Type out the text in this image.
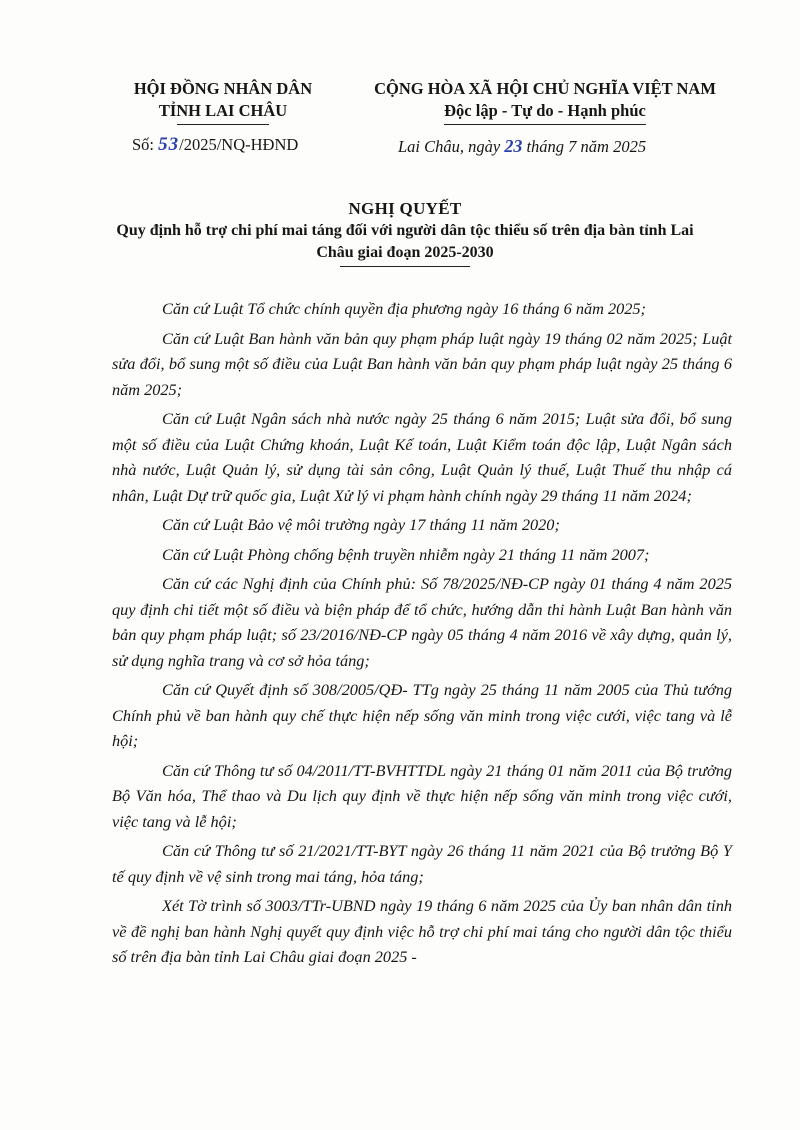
HỘI ĐỒNG NHÂN DÂN
TỈNH LAI CHÂU
CỘNG HÒA XÃ HỘI CHỦ NGHĨA VIỆT NAM
Độc lập - Tự do - Hạnh phúc
Số: 53/2025/NQ-HĐND	Lai Châu, ngày 23 tháng 7 năm 2025
NGHỊ QUYẾT
Quy định hỗ trợ chi phí mai táng đối với người dân tộc thiểu số trên địa bàn tỉnh Lai Châu giai đoạn 2025-2030

Căn cứ Luật Tổ chức chính quyền địa phương ngày 16 tháng 6 năm 2025;

Căn cứ Luật Ban hành văn bản quy phạm pháp luật ngày 19 tháng 02 năm 2025; Luật sửa đổi, bổ sung một số điều của Luật Ban hành văn bản quy phạm pháp luật ngày 25 tháng 6 năm 2025;

Căn cứ Luật Ngân sách nhà nước ngày 25 tháng 6 năm 2015; Luật sửa đổi, bổ sung một số điều của Luật Chứng khoán, Luật Kế toán, Luật Kiểm toán độc lập, Luật Ngân sách nhà nước, Luật Quản lý, sử dụng tài sản công, Luật Quản lý thuế, Luật Thuế thu nhập cá nhân, Luật Dự trữ quốc gia, Luật Xử lý vi phạm hành chính ngày 29 tháng 11 năm 2024;

Căn cứ Luật Bảo vệ môi trường ngày 17 tháng 11 năm 2020;

Căn cứ Luật Phòng chống bệnh truyền nhiễm ngày 21 tháng 11 năm 2007;

Căn cứ các Nghị định của Chính phủ: Số 78/2025/NĐ-CP ngày 01 tháng 4 năm 2025 quy định chi tiết một số điều và biện pháp để tổ chức, hướng dẫn thi hành Luật Ban hành văn bản quy phạm pháp luật; số 23/2016/NĐ-CP ngày 05 tháng 4 năm 2016 về xây dựng, quản lý, sử dụng nghĩa trang và cơ sở hỏa táng;

Căn cứ Quyết định số 308/2005/QĐ- TTg ngày 25 tháng 11 năm 2005 của Thủ tướng Chính phủ về ban hành quy chế thực hiện nếp sống văn minh trong việc cưới, việc tang và lễ hội;

Căn cứ Thông tư số 04/2011/TT-BVHTTDL ngày 21 tháng 01 năm 2011 của Bộ trưởng Bộ Văn hóa, Thể thao và Du lịch quy định về thực hiện nếp sống văn minh trong việc cưới, việc tang và lễ hội;

Căn cứ Thông tư số 21/2021/TT-BYT ngày 26 tháng 11 năm 2021 của Bộ trưởng Bộ Y tế quy định về vệ sinh trong mai táng, hỏa táng;

Xét Tờ trình số 3003/TTr-UBND ngày 19 tháng 6 năm 2025 của Ủy ban nhân dân tỉnh về đề nghị ban hành Nghị quyết quy định việc hỗ trợ chi phí mai táng cho người dân tộc thiểu số trên địa bàn tỉnh Lai Châu giai đoạn 2025 -
